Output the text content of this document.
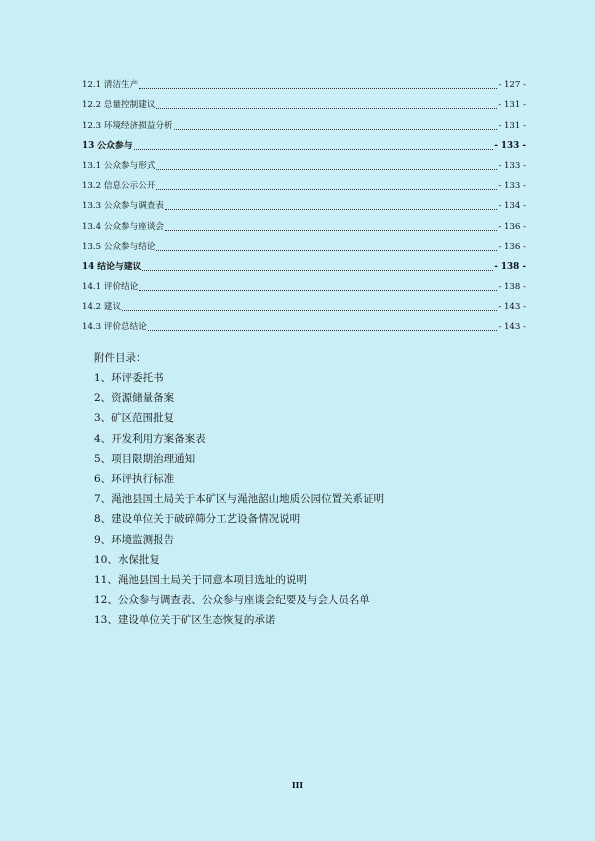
12.1 清洁生产	- 127 -
12.2 总量控制建议	- 131 -
12.3 环境经济损益分析	- 131 -
13 公众参与	- 133 -
13.1 公众参与形式	- 133 -
13.2 信息公示公开	- 133 -
13.3 公众参与调查表	- 134 -
13.4 公众参与座谈会	- 136 -
13.5 公众参与结论	- 136 -
14 结论与建议	- 138 -
14.1 评价结论	- 138 -
14.2 建议	- 143 -
14.3 评价总结论	- 143 -
附件目录：
1、环评委托书
2、资源储量备案
3、矿区范围批复
4、开发利用方案备案表
5、项目限期治理通知
6、环评执行标准
7、渑池县国土局关于本矿区与渑池韶山地质公园位置关系证明
8、建设单位关于破碎筛分工艺设备情况说明
9、环境监测报告
10、水保批复
11、渑池县国土局关于同意本项目选址的说明
12、公众参与调查表、公众参与座谈会纪要及与会人员名单
13、建设单位关于矿区生态恢复的承诺
III
